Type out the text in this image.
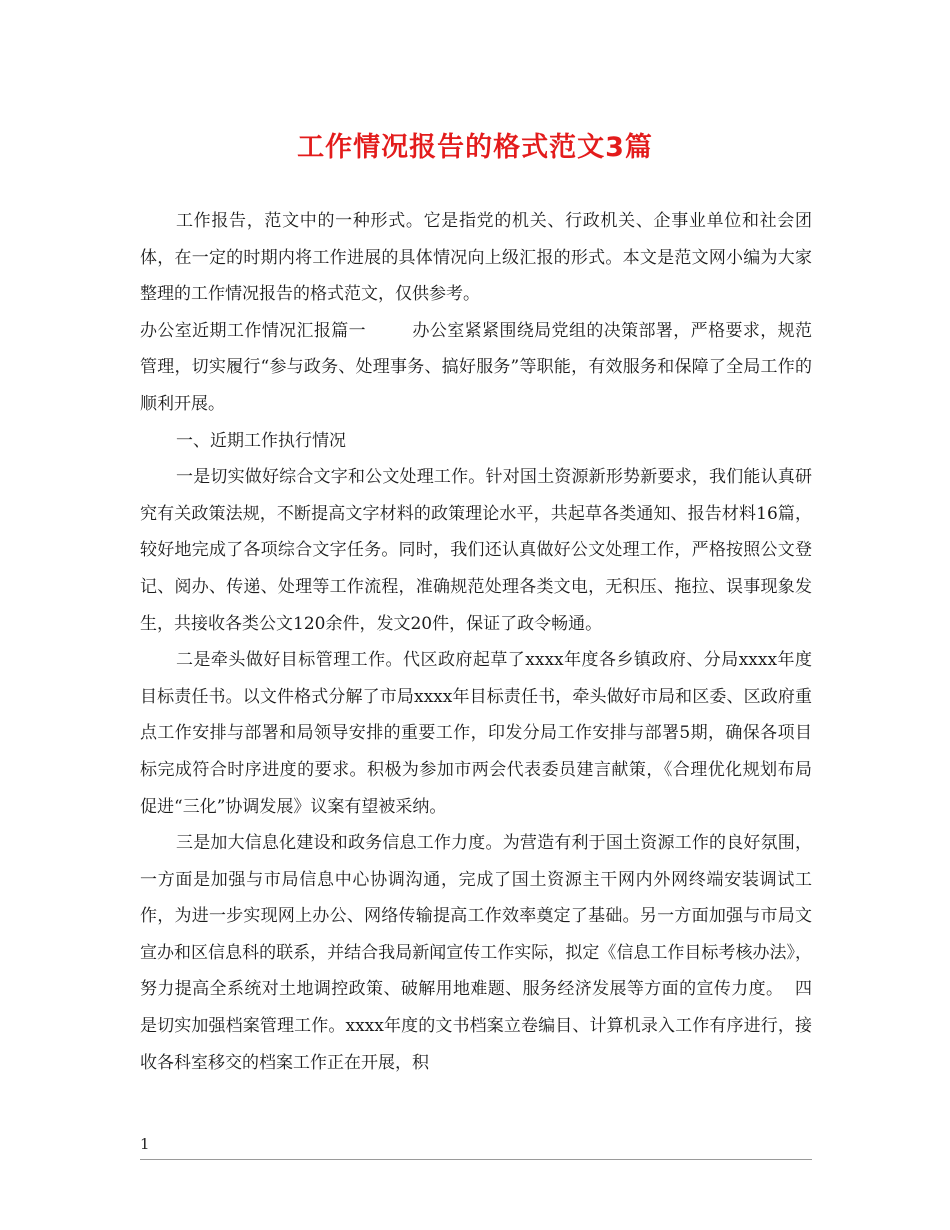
工作情况报告的格式范文3篇

工作报告，范文中的一种形式。它是指党的机关、行政机关、企事业单位和社会团体，在一定的时期内将工作进展的具体情况向上级汇报的形式。本文是范文网小编为大家整理的工作情况报告的格式范文，仅供参考。

办公室近期工作情况汇报篇一	办公室紧紧围绕局党组的决策部署，严格要求，规范管理，切实履行“参与政务、处理事务、搞好服务”等职能，有效服务和保障了全局工作的顺利开展。

一、近期工作执行情况

一是切实做好综合文字和公文处理工作。针对国土资源新形势新要求，我们能认真研究有关政策法规，不断提高文字材料的政策理论水平，共起草各类通知、报告材料16篇，较好地完成了各项综合文字任务。同时，我们还认真做好公文处理工作，严格按照公文登记、阅办、传递、处理等工作流程，准确规范处理各类文电，无积压、拖拉、误事现象发生，共接收各类公文120余件，发文20件，保证了政令畅通。

二是牵头做好目标管理工作。代区政府起草了xxxx年度各乡镇政府、分局xxxx年度目标责任书。以文件格式分解了市局xxxx年目标责任书，牵头做好市局和区委、区政府重点工作安排与部署和局领导安排的重要工作，印发分局工作安排与部署5期，确保各项目标完成符合时序进度的要求。积极为参加市两会代表委员建言献策，《合理优化规划布局 促进“三化”协调发展》议案有望被采纳。

三是加大信息化建设和政务信息工作力度。为营造有利于国土资源工作的良好氛围，一方面是加强与市局信息中心协调沟通，完成了国土资源主干网内外网终端安装调试工作，为进一步实现网上办公、网络传输提高工作效率奠定了基础。另一方面加强与市局文宣办和区信息科的联系，并结合我局新闻宣传工作实际，拟定《信息工作目标考核办法》，努力提高全系统对土地调控政策、破解用地难题、服务经济发展等方面的宣传力度。 四是切实加强档案管理工作。xxxx年度的文书档案立卷编目、计算机录入工作有序进行，接收各科室移交的档案工作正在开展，积

1
